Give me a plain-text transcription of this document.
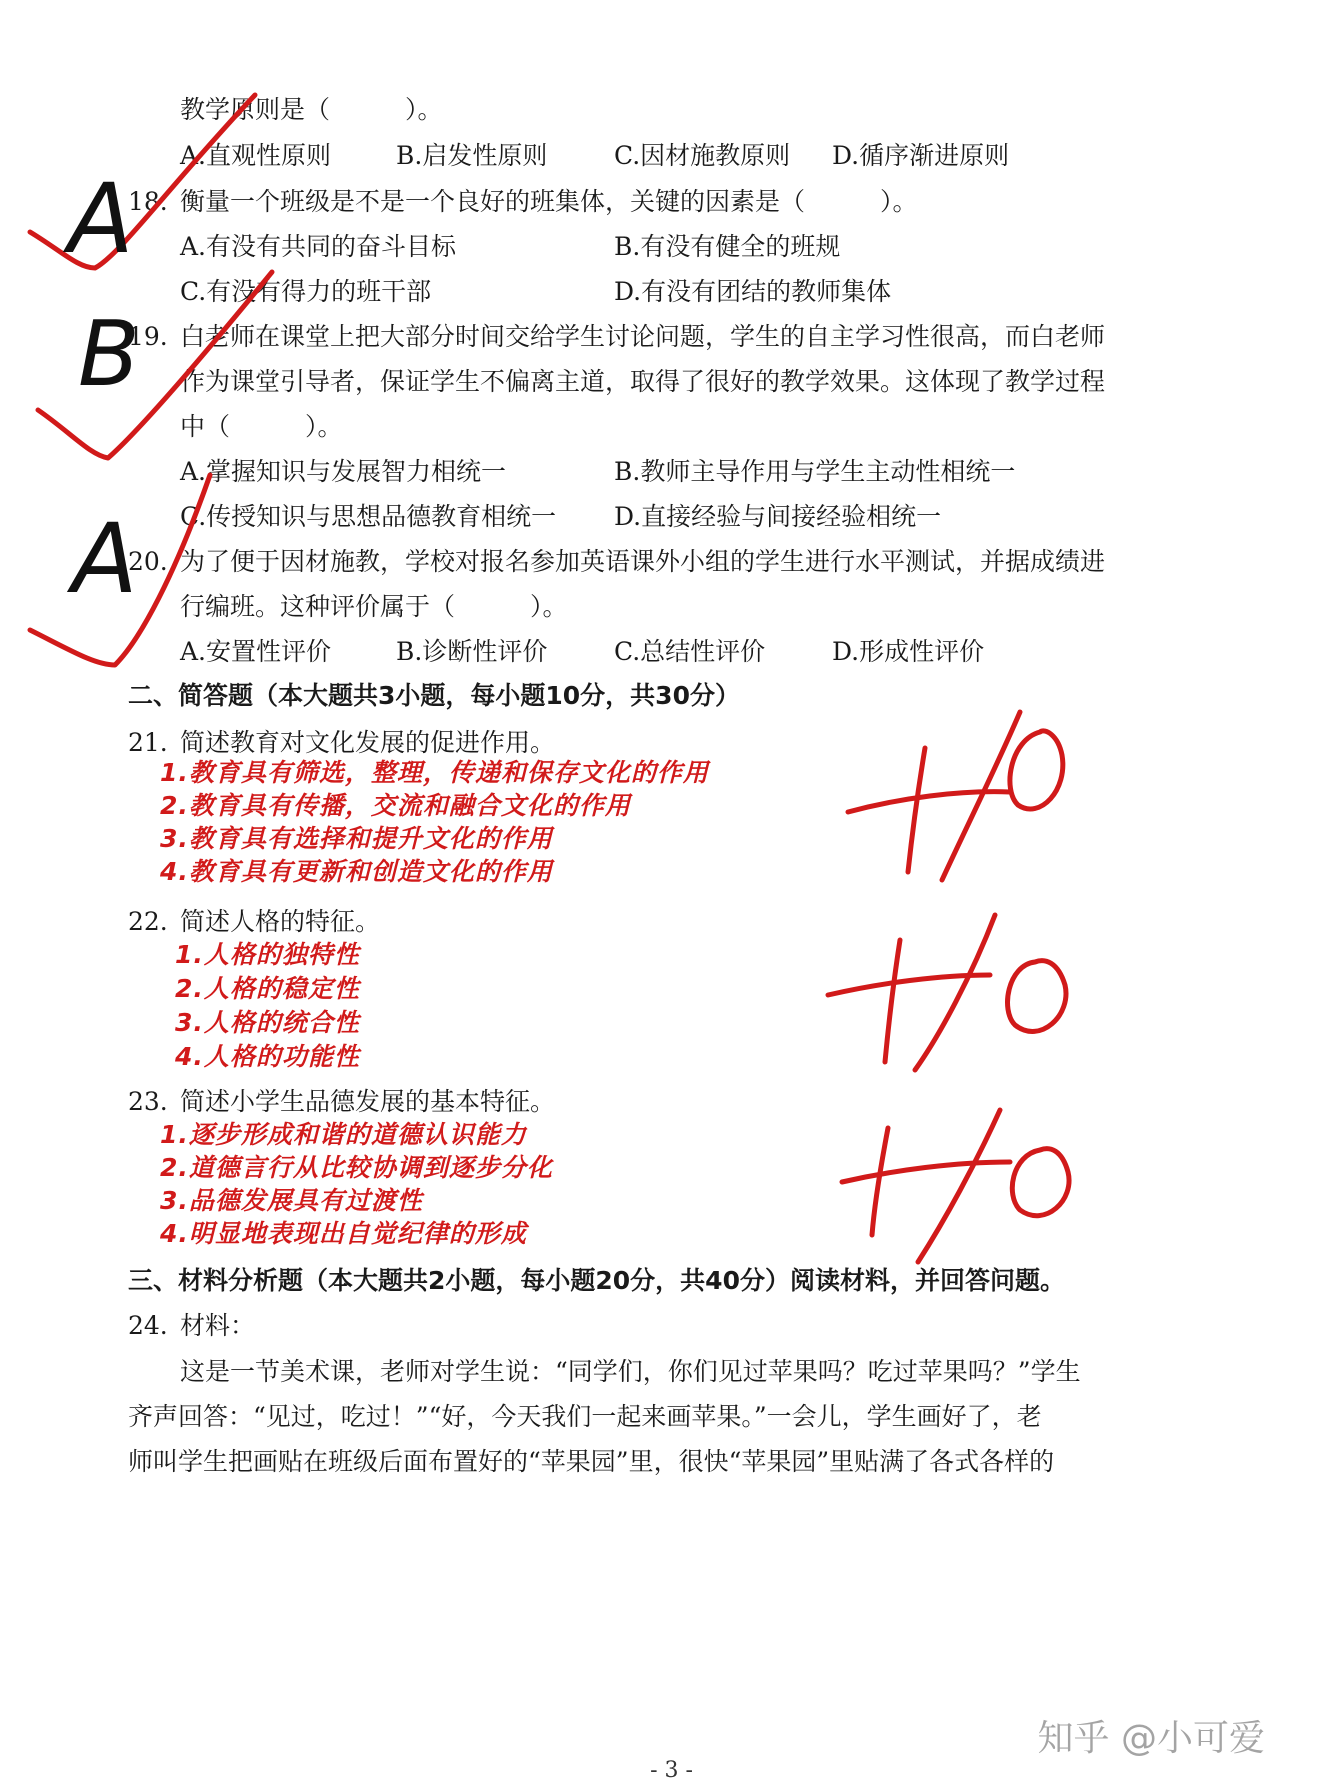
教学原则是（　　　）。
A.直观性原则	B.启发性原则	C.因材施教原则 D.循序渐进原则
18. 衡量一个班级是不是一个良好的班集体，关键的因素是（　　　）。
A.有没有共同的奋斗目标	B.有没有健全的班规
C.有没有得力的班干部	D.有没有团结的教师集体
19. 白老师在课堂上把大部分时间交给学生讨论问题，学生的自主学习性很高，而白老师
作为课堂引导者，保证学生不偏离主道，取得了很好的教学效果。这体现了教学过程
中（　　　）。
A.掌握知识与发展智力相统一	B.教师主导作用与学生主动性相统一
C.传授知识与思想品德教育相统一 D.直接经验与间接经验相统一
20. 为了便于因材施教，学校对报名参加英语课外小组的学生进行水平测试，并据成绩进
行编班。这种评价属于（　　　）。
A.安置性评价	B.诊断性评价	C.总结性评价	D.形成性评价
二、简答题（本大题共3小题，每小题10分，共30分）
21. 简述教育对文化发展的促进作用。
1.教育具有筛选，整理，传递和保存文化的作用
2.教育具有传播，交流和融合文化的作用
3.教育具有选择和提升文化的作用
4.教育具有更新和创造文化的作用
22. 简述人格的特征。
1.人格的独特性
2.人格的稳定性
3.人格的统合性
4.人格的功能性
23. 简述小学生品德发展的基本特征。
1.逐步形成和谐的道德认识能力
2.道德言行从比较协调到逐步分化
3.品德发展具有过渡性
4.明显地表现出自觉纪律的形成
三、材料分析题（本大题共2小题，每小题20分，共40分）阅读材料，并回答问题。
24. 材料：
这是一节美术课，老师对学生说：“同学们，你们见过苹果吗？吃过苹果吗？”学生
齐声回答：“见过，吃过！”“好，今天我们一起来画苹果。”一会儿，学生画好了，老
师叫学生把画贴在班级后面布置好的“苹果园”里，很快“苹果园”里贴满了各式各样的
A
B
A
知乎 @小可爱
- 3 -
